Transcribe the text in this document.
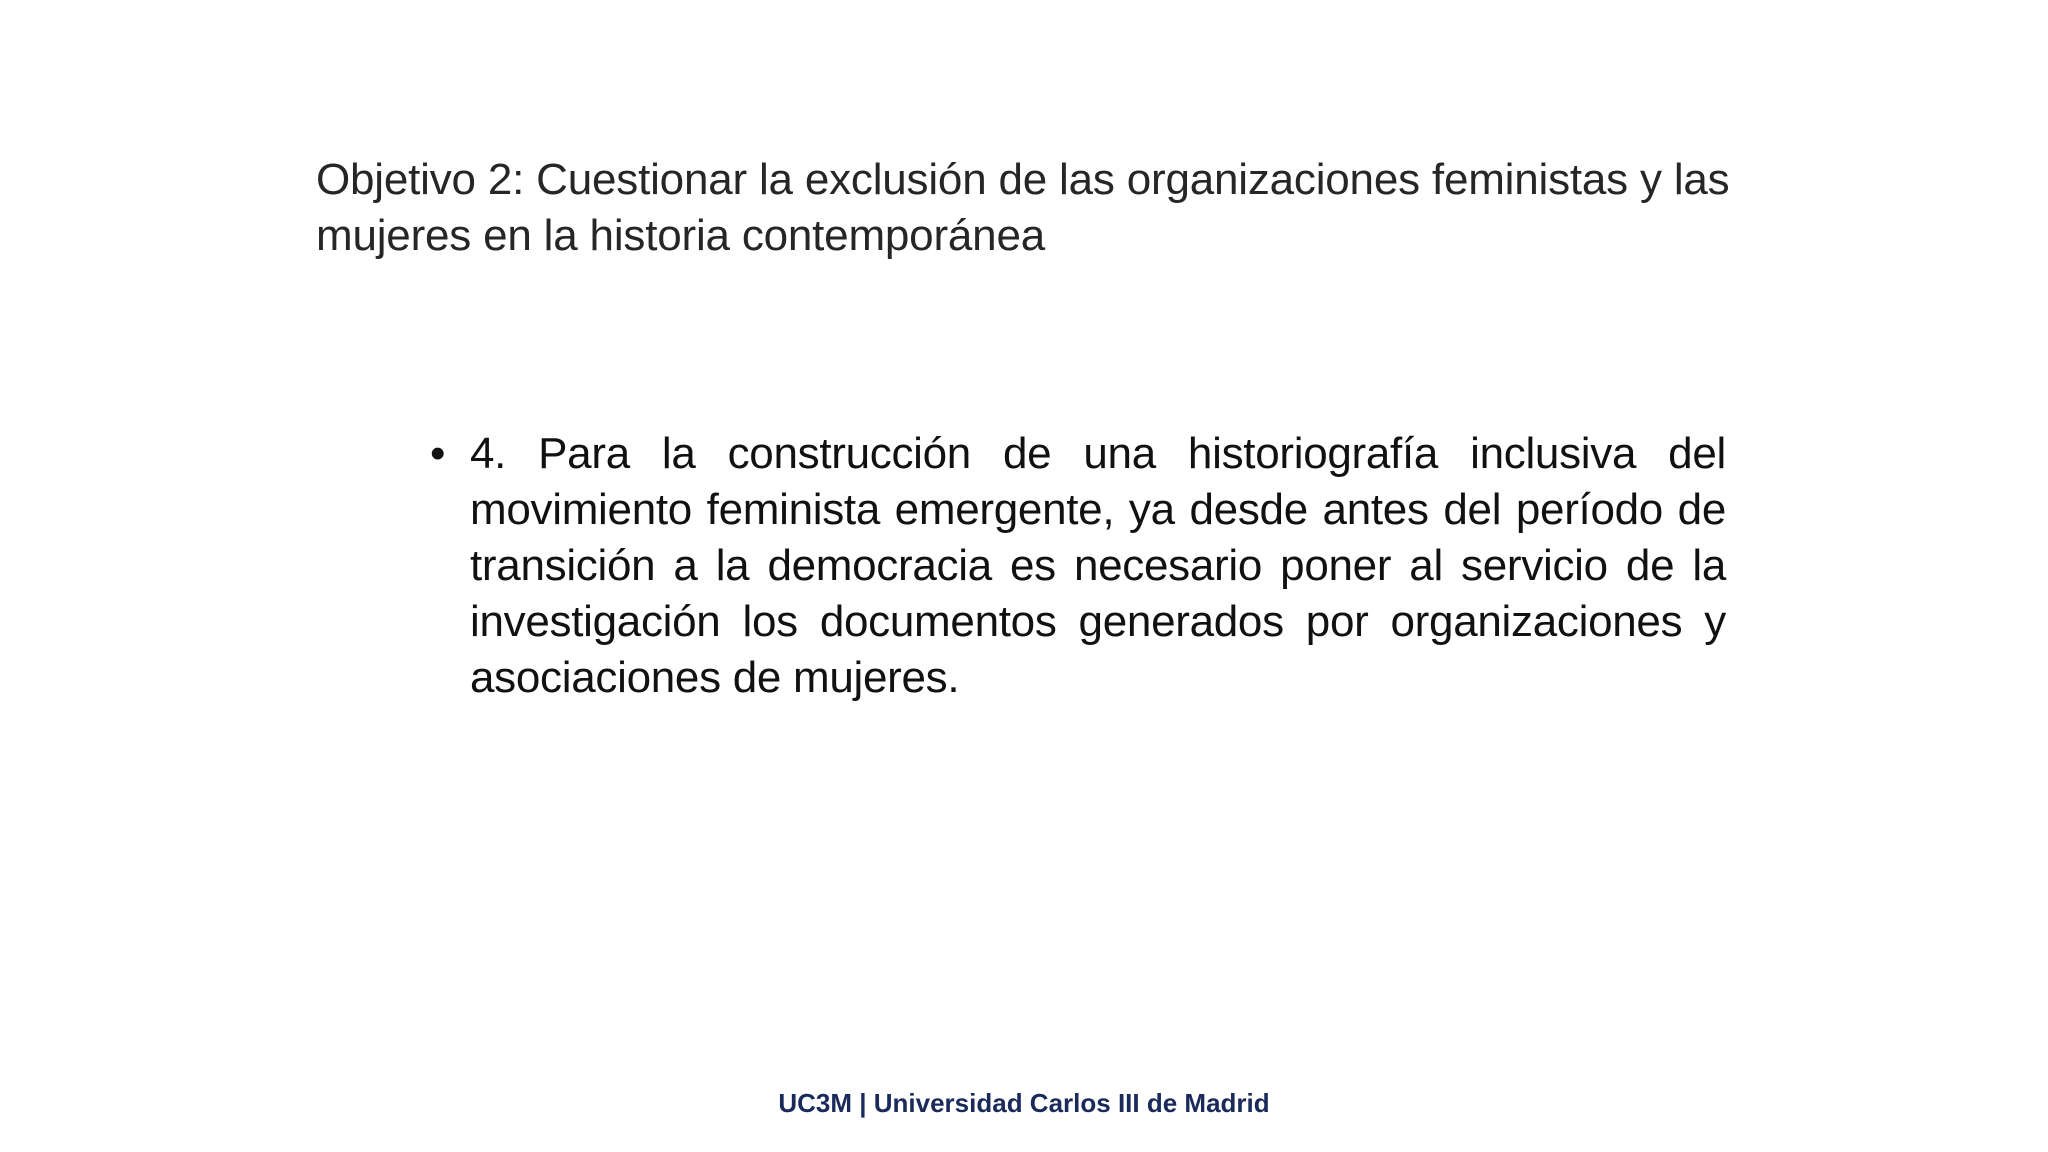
Objetivo 2: Cuestionar la exclusión de las organizaciones feministas y las mujeres en la historia contemporánea
• 4. Para la construcción de una historiografía inclusiva del movimiento feminista emergente, ya desde antes del período de transición a la democracia es necesario poner al servicio de la investigación los documentos generados por organizaciones y asociaciones de mujeres.
UC3M | Universidad Carlos III de Madrid
